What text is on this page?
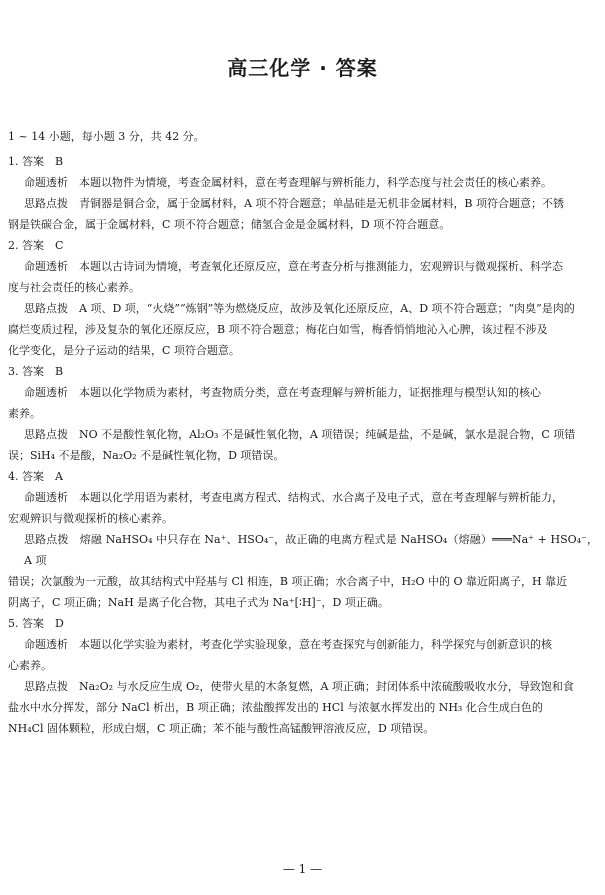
高三化学 · 答案

1 ~ 14 小题，每小题 3 分，共 42 分。

1. 答案　B

命题透析　本题以物件为情境，考查金属材料，意在考查理解与辨析能力，科学态度与社会责任的核心素养。

思路点拨　青铜器是铜合金，属于金属材料，A 项不符合题意；单晶硅是无机非金属材料，B 项符合题意；不锈

钢是铁碳合金，属于金属材料，C 项不符合题意；储氢合金是金属材料，D 项不符合题意。

2. 答案　C

命题透析　本题以古诗词为情境，考查氧化还原反应，意在考查分析与推测能力，宏观辨识与微观探析、科学态

度与社会责任的核心素养。

思路点拨　A 项、D 项，“火烧”“炼钢”等为燃烧反应，故涉及氧化还原反应，A、D 项不符合题意；“肉臭”是肉的

腐烂变质过程，涉及复杂的氧化还原反应，B 项不符合题意；梅花白如雪，梅香悄悄地沁入心脾，该过程不涉及

化学变化，是分子运动的结果，C 项符合题意。

3. 答案　B

命题透析　本题以化学物质为素材，考查物质分类，意在考查理解与辨析能力，证据推理与模型认知的核心

素养。

思路点拨　NO 不是酸性氧化物，Al₂O₃ 不是碱性氧化物，A 项错误；纯碱是盐，不是碱，氯水是混合物，C 项错

误；SiH₄ 不是酸，Na₂O₂ 不是碱性氧化物，D 项错误。

4. 答案　A

命题透析　本题以化学用语为素材，考查电离方程式、结构式、水合离子及电子式，意在考查理解与辨析能力，

宏观辨识与微观探析的核心素养。

思路点拨　熔融 NaHSO₄ 中只存在 Na⁺、HSO₄⁻，故正确的电离方程式是 NaHSO₄（熔融）═══Na⁺ + HSO₄⁻，A 项

错误；次氯酸为一元酸，故其结构式中羟基与 Cl 相连，B 项正确；水合离子中，H₂O 中的 O 靠近阳离子，H 靠近

阴离子，C 项正确；NaH 是离子化合物，其电子式为 Na⁺[∶H]⁻，D 项正确。

5. 答案　D

命题透析　本题以化学实验为素材，考查化学实验现象，意在考查探究与创新能力，科学探究与创新意识的核

心素养。

思路点拨　Na₂O₂ 与水反应生成 O₂，使带火星的木条复燃，A 项正确；封闭体系中浓硫酸吸收水分，导致饱和食

盐水中水分挥发，部分 NaCl 析出，B 项正确；浓盐酸挥发出的 HCl 与浓氨水挥发出的 NH₃ 化合生成白色的

NH₄Cl 固体颗粒，形成白烟，C 项正确；苯不能与酸性高锰酸钾溶液反应，D 项错误。

— 1 —
